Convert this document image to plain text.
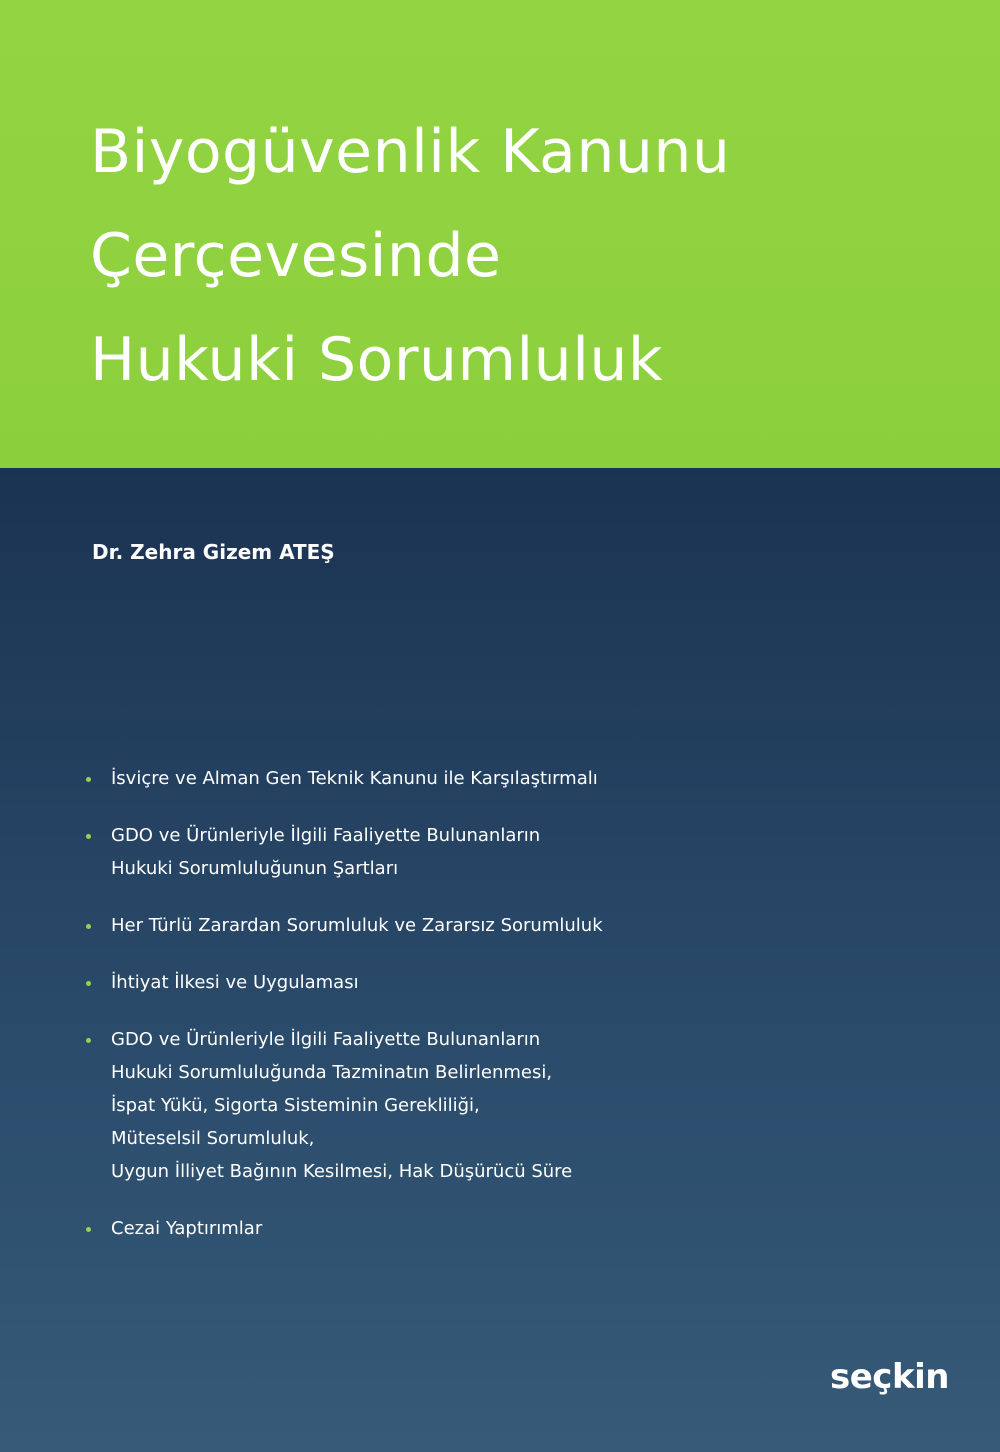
Biyogüvenlik Kanunu
Çerçevesinde
Hukuki Sorumluluk
Dr. Zehra Gizem ATEŞ
İsviçre ve Alman Gen Teknik Kanunu ile Karşılaştırmalı
GDO ve Ürünleriyle İlgili Faaliyette Bulunanların
Hukuki Sorumluluğunun Şartları
Her Türlü Zarardan Sorumluluk ve Zararsız Sorumluluk
İhtiyat İlkesi ve Uygulaması
GDO ve Ürünleriyle İlgili Faaliyette Bulunanların
Hukuki Sorumluluğunda Tazminatın Belirlenmesi,
İspat Yükü, Sigorta Sisteminin Gerekliliği,
Müteselsil Sorumluluk,
Uygun İlliyet Bağının Kesilmesi, Hak Düşürücü Süre
Cezai Yaptırımlar
seçkin
